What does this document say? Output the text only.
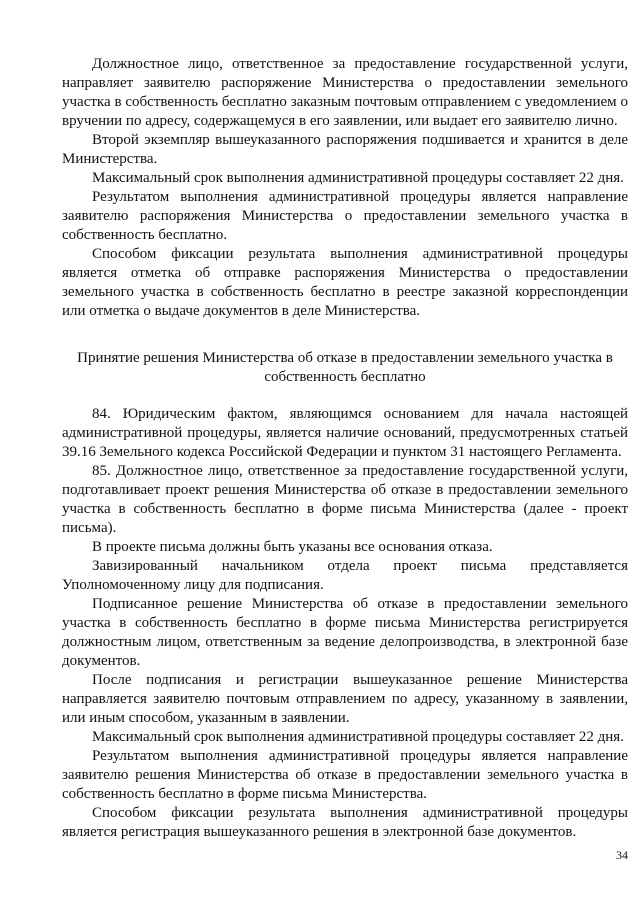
Должностное лицо, ответственное за предоставление государственной услуги, направляет заявителю распоряжение Министерства о предоставлении земельного участка в собственность бесплатно заказным почтовым отправлением с уведомлением о вручении по адресу, содержащемуся в его заявлении, или выдает его заявителю лично.

Второй экземпляр вышеуказанного распоряжения подшивается и хранится в деле Министерства.

Максимальный срок выполнения административной процедуры составляет 22 дня.

Результатом выполнения административной процедуры является направление заявителю распоряжения Министерства о предоставлении земельного участка в собственность бесплатно.

Способом фиксации результата выполнения административной процедуры является отметка об отправке распоряжения Министерства о предоставлении земельного участка в собственность бесплатно в реестре заказной корреспонденции или отметка о выдаче документов в деле Министерства.

Принятие решения Министерства об отказе в предоставлении земельного участка в собственность бесплатно

84. Юридическим фактом, являющимся основанием для начала настоящей административной процедуры, является наличие оснований, предусмотренных статьей 39.16 Земельного кодекса Российской Федерации и пунктом 31 настоящего Регламента.

85. Должностное лицо, ответственное за предоставление государственной услуги, подготавливает проект решения Министерства об отказе в предоставлении земельного участка в собственность бесплатно в форме письма Министерства (далее - проект письма).

В проекте письма должны быть указаны все основания отказа.

Завизированный начальником отдела проект письма представляется Уполномоченному лицу для подписания.

Подписанное решение Министерства об отказе в предоставлении земельного участка в собственность бесплатно в форме письма Министерства регистрируется должностным лицом, ответственным за ведение делопроизводства, в электронной базе документов.

После подписания и регистрации вышеуказанное решение Министерства направляется заявителю почтовым отправлением по адресу, указанному в заявлении, или иным способом, указанным в заявлении.

Максимальный срок выполнения административной процедуры составляет 22 дня.

Результатом выполнения административной процедуры является направление заявителю решения Министерства об отказе в предоставлении земельного участка в собственность бесплатно в форме письма Министерства.

Способом фиксации результата выполнения административной процедуры является регистрация вышеуказанного решения в электронной базе документов.

34
